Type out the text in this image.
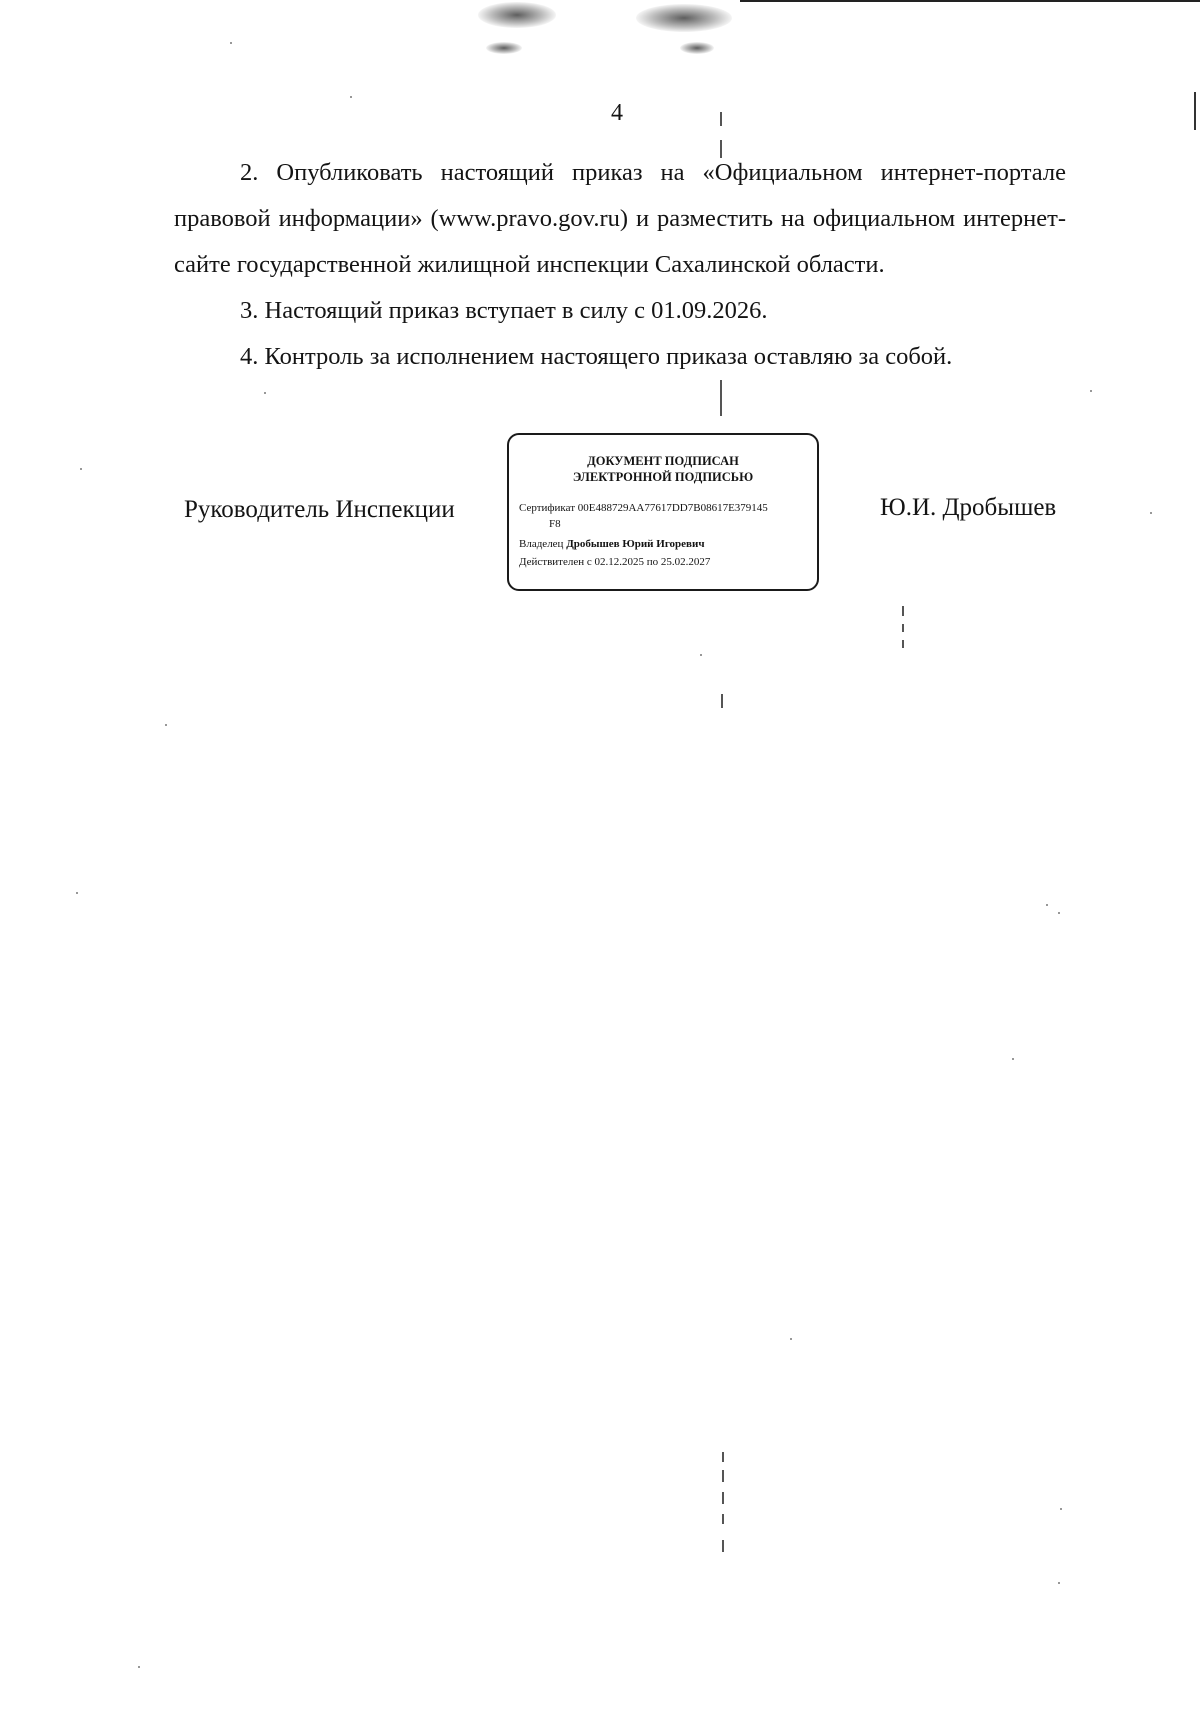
4

2. Опубликовать настоящий приказ на «Официальном интернет-портале правовой информации» (www.pravo.gov.ru) и разместить на официальном интернет-сайте государственной жилищной инспекции Сахалинской области.

3. Настоящий приказ вступает в силу с 01.09.2026.

4. Контроль за исполнением настоящего приказа оставляю за собой.

Руководитель Инспекции
ДОКУМЕНТ ПОДПИСАН
ЭЛЕКТРОННОЙ ПОДПИСЬЮ
Сертификат 00E488729AA77617DD7B08617E379145
F8
Владелец Дробышев Юрий Игоревич
Действителен с 02.12.2025 по 25.02.2027
Ю.И. Дробышев
